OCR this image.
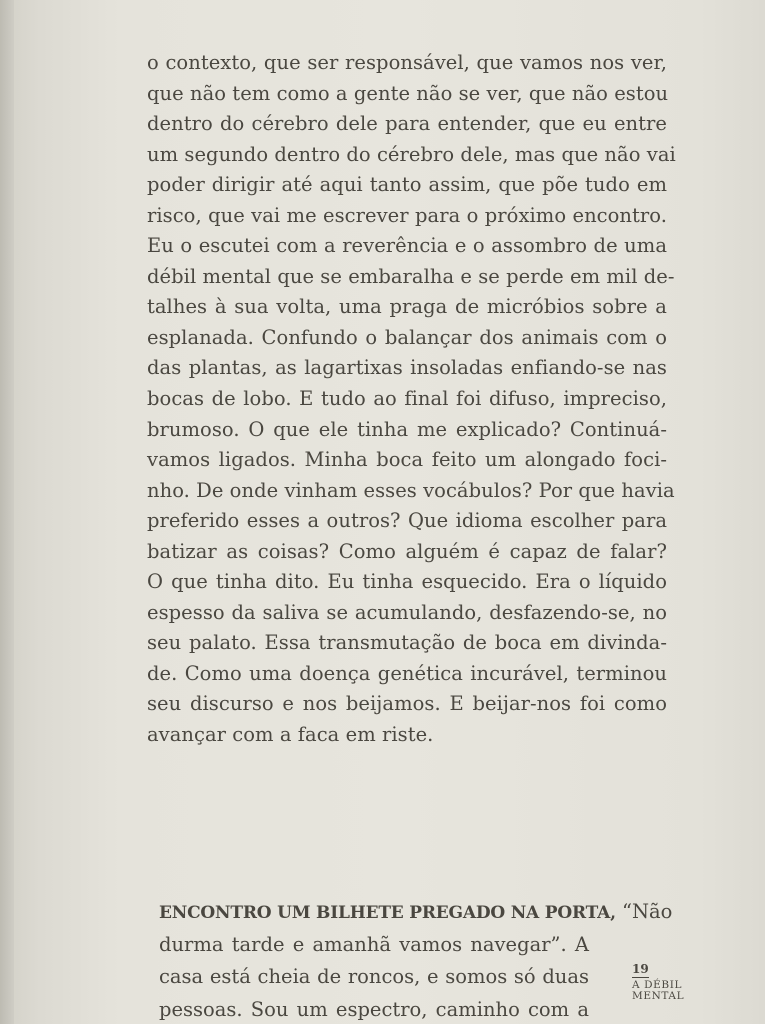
o contexto, que ser responsável, que vamos nos ver,
que não tem como a gente não se ver, que não estou
dentro do cérebro dele para entender, que eu entre
um segundo dentro do cérebro dele, mas que não vai
poder dirigir até aqui tanto assim, que põe tudo em
risco, que vai me escrever para o próximo encontro.
Eu o escutei com a reverência e o assombro de uma
débil mental que se embaralha e se perde em mil de-
talhes à sua volta, uma praga de micróbios sobre a
esplanada. Confundo o balançar dos animais com o
das plantas, as lagartixas insoladas enfiando-se nas
bocas de lobo. E tudo ao final foi difuso, impreciso,
brumoso. O que ele tinha me explicado? Continuá-
vamos ligados. Minha boca feito um alongado foci-
nho. De onde vinham esses vocábulos? Por que havia
preferido esses a outros? Que idioma escolher para
batizar as coisas? Como alguém é capaz de falar?
O que tinha dito. Eu tinha esquecido. Era o líquido
espesso da saliva se acumulando, desfazendo-se, no
seu palato. Essa transmutação de boca em divinda-
de. Como uma doença genética incurável, terminou
seu discurso e nos beijamos. E beijar-nos foi como
avançar com a faca em riste.
ENCONTRO UM BILHETE PREGADO NA PORTA, “Não
durma tarde e amanhã vamos navegar”. A
casa está cheia de roncos, e somos só duas
pessoas. Sou um espectro, caminho com a
19
A DÉBIL MENTAL
